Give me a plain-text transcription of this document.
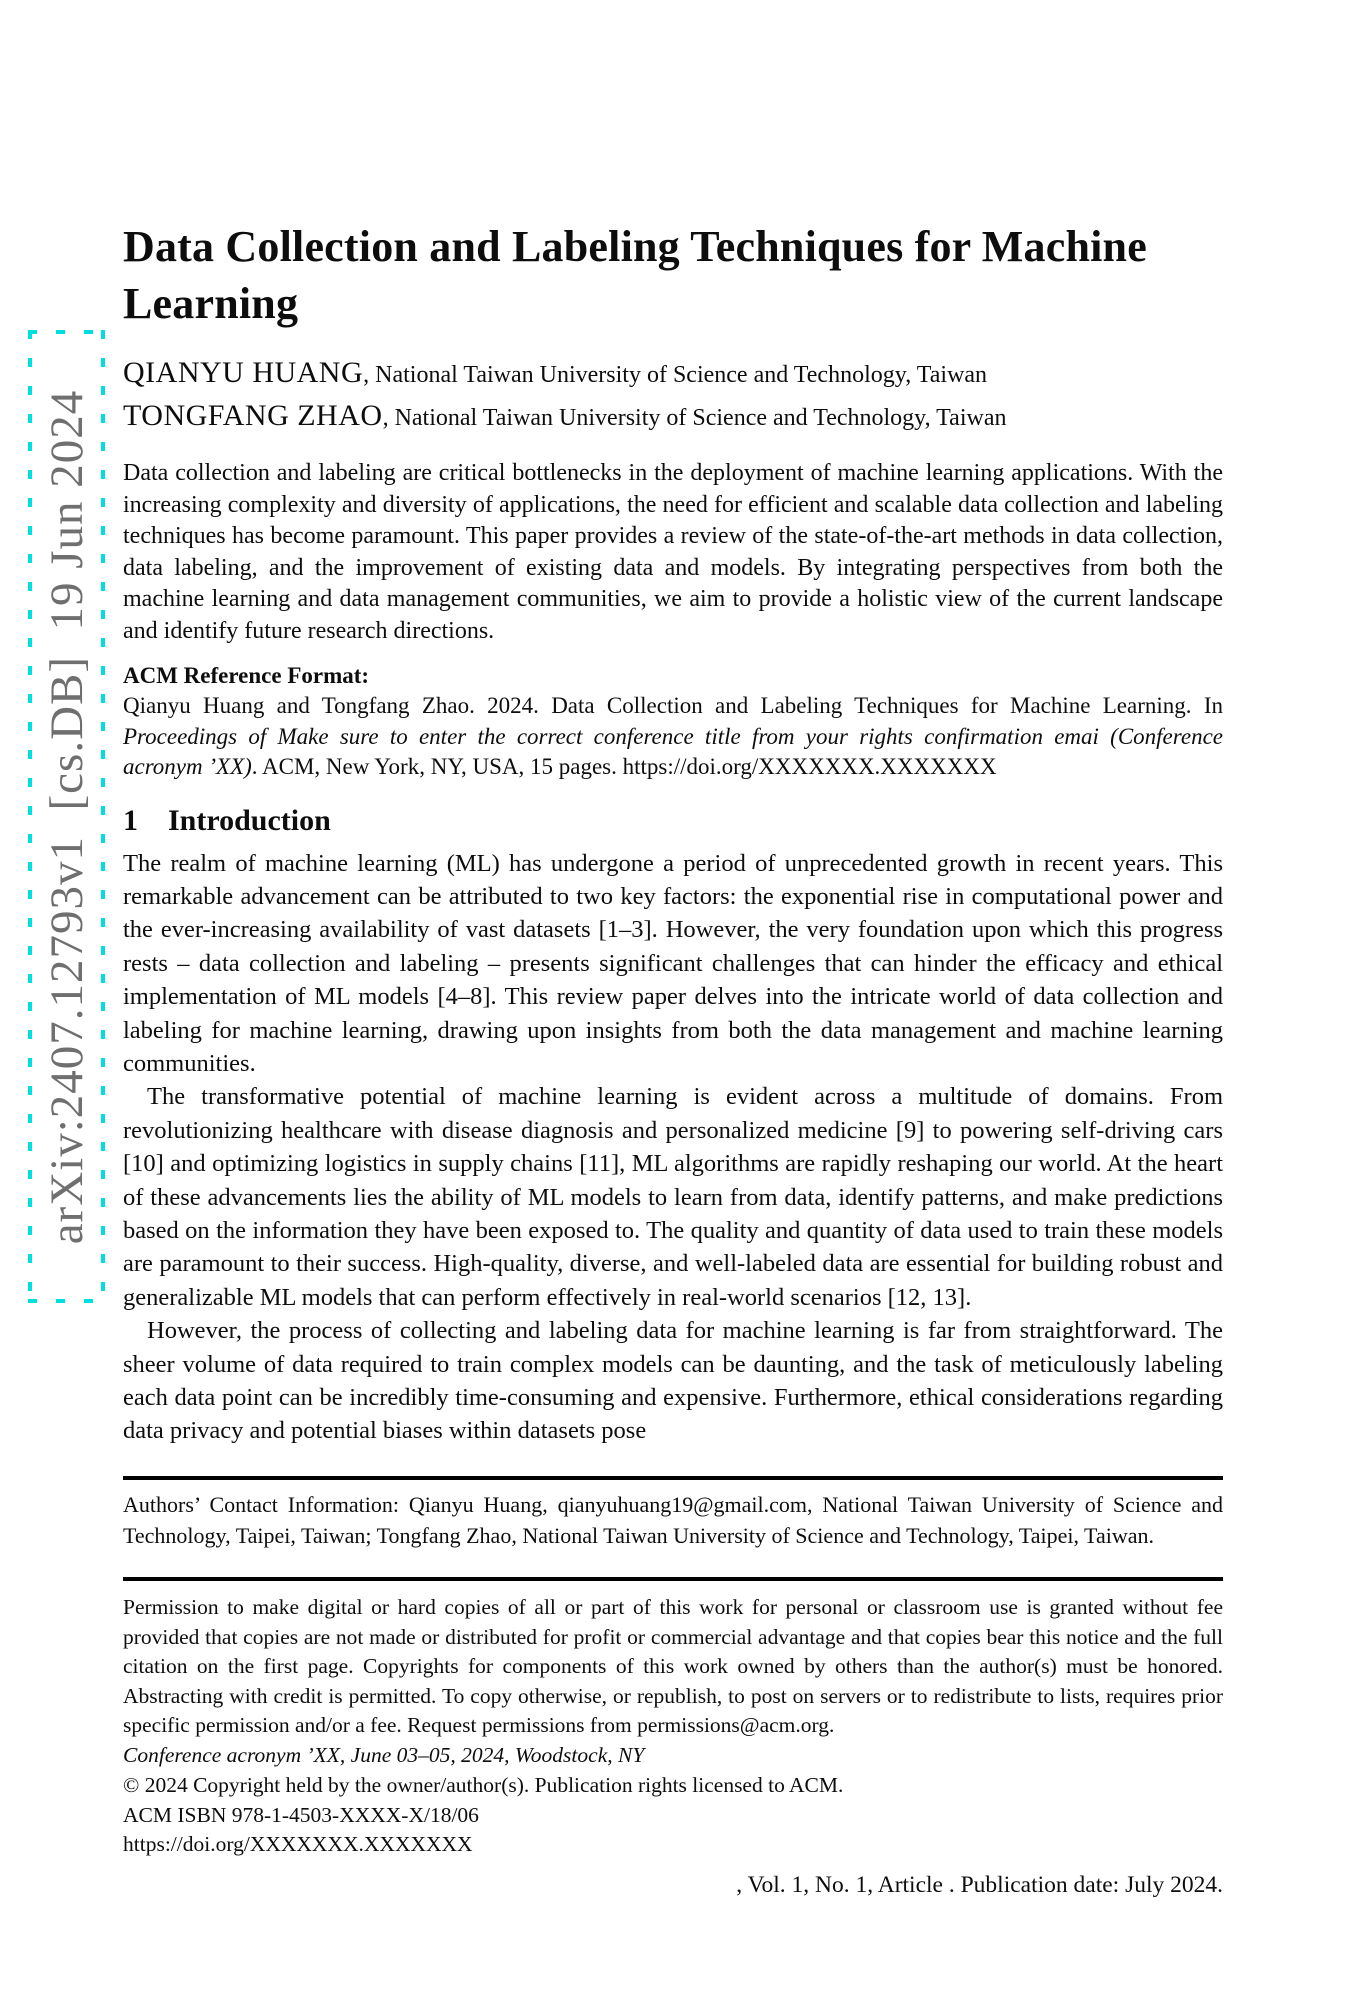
arXiv:2407.12793v1  [cs.DB]  19 Jun 2024
Data Collection and Labeling Techniques for Machine Learning
QIANYU HUANG, National Taiwan University of Science and Technology, Taiwan
TONGFANG ZHAO, National Taiwan University of Science and Technology, Taiwan

Data collection and labeling are critical bottlenecks in the deployment of machine learning applications. With the increasing complexity and diversity of applications, the need for efficient and scalable data collection and labeling techniques has become paramount. This paper provides a review of the state-of-the-art methods in data collection, data labeling, and the improvement of existing data and models. By integrating perspectives from both the machine learning and data management communities, we aim to provide a holistic view of the current landscape and identify future research directions.

ACM Reference Format:

Qianyu Huang and Tongfang Zhao. 2024. Data Collection and Labeling Techniques for Machine Learning. In Proceedings of Make sure to enter the correct conference title from your rights confirmation emai (Conference acronym ’XX). ACM, New York, NY, USA, 15 pages. https://doi.org/XXXXXXX.XXXXXXX

1 Introduction

The realm of machine learning (ML) has undergone a period of unprecedented growth in recent years. This remarkable advancement can be attributed to two key factors: the exponential rise in computational power and the ever-increasing availability of vast datasets [1–3]. However, the very foundation upon which this progress rests – data collection and labeling – presents significant challenges that can hinder the efficacy and ethical implementation of ML models [4–8]. This review paper delves into the intricate world of data collection and labeling for machine learning, drawing upon insights from both the data management and machine learning communities.

The transformative potential of machine learning is evident across a multitude of domains. From revolutionizing healthcare with disease diagnosis and personalized medicine [9] to powering self-driving cars [10] and optimizing logistics in supply chains [11], ML algorithms are rapidly reshaping our world. At the heart of these advancements lies the ability of ML models to learn from data, identify patterns, and make predictions based on the information they have been exposed to. The quality and quantity of data used to train these models are paramount to their success. High-quality, diverse, and well-labeled data are essential for building robust and generalizable ML models that can perform effectively in real-world scenarios [12, 13].

However, the process of collecting and labeling data for machine learning is far from straightforward. The sheer volume of data required to train complex models can be daunting, and the task of meticulously labeling each data point can be incredibly time-consuming and expensive. Furthermore, ethical considerations regarding data privacy and potential biases within datasets pose

Authors’ Contact Information: Qianyu Huang, qianyuhuang19@gmail.com, National Taiwan University of Science and Technology, Taipei, Taiwan; Tongfang Zhao, National Taiwan University of Science and Technology, Taipei, Taiwan.

Permission to make digital or hard copies of all or part of this work for personal or classroom use is granted without fee provided that copies are not made or distributed for profit or commercial advantage and that copies bear this notice and the full citation on the first page. Copyrights for components of this work owned by others than the author(s) must be honored. Abstracting with credit is permitted. To copy otherwise, or republish, to post on servers or to redistribute to lists, requires prior specific permission and/or a fee. Request permissions from permissions@acm.org.

Conference acronym ’XX, June 03–05, 2024, Woodstock, NY
© 2024 Copyright held by the owner/author(s). Publication rights licensed to ACM.
ACM ISBN 978-1-4503-XXXX-X/18/06
https://doi.org/XXXXXXX.XXXXXXX
, Vol. 1, No. 1, Article . Publication date: July 2024.
